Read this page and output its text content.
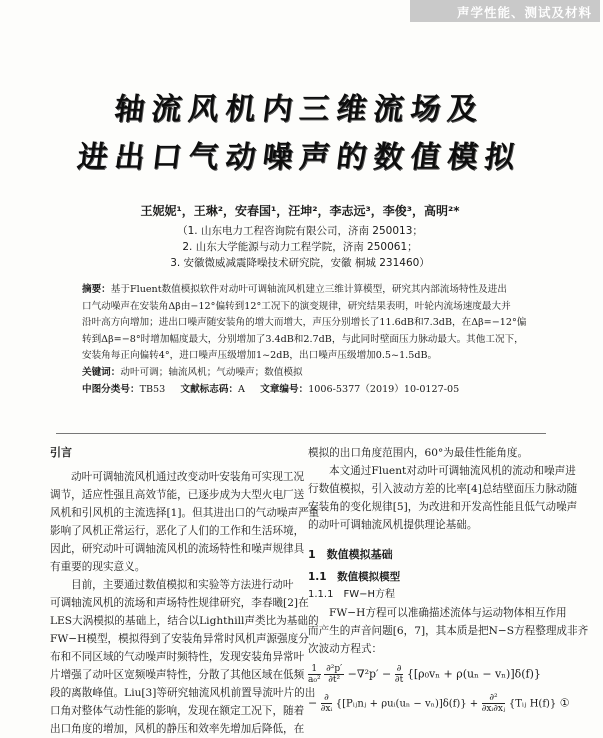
声学性能、测试及材料
轴流风机内三维流场及
进出口气动噪声的数值模拟
王妮妮¹，王琳²，安春国¹，汪坤²，李志远³，李俊³，高明²*
（1. 山东电力工程咨询院有限公司，济南 250013；
2. 山东大学能源与动力工程学院，济南 250061；
3. 安徽微威减震降噪技术研究院，安徽 桐城 231460）
摘要：基于Fluent数值模拟软件对动叶可调轴流风机建立三维计算模型，研究其内部流场特性及进出
口气动噪声在安装角Δβ由−12°偏转到12°工况下的演变规律，研究结果表明，叶轮内流场速度最大并
沿叶高方向增加；进出口噪声随安装角的增大而增大，声压分别增长了11.6dB和7.3dB，在Δβ=−12°偏
转到Δβ=−8°时增加幅度最大，分别增加了3.4dB和2.7dB，与此同时壁面压力脉动最大。其他工况下，
安装角每正向偏转4°，进口噪声压级增加1~2dB，出口噪声压级增加0.5~1.5dB。
关键词：动叶可调；轴流风机；气动噪声；数值模拟
中图分类号：TB53 文献标志码：A 文章编号：1006-5377（2019）10-0127-05
引言
动叶可调轴流风机通过改变动叶安装角可实现工况
调节，适应性强且高效节能，已逐步成为大型火电厂送
风机和引风机的主流选择[1]。但其进出口的气动噪声严重
影响了风机正常运行，恶化了人们的工作和生活环境，
因此，研究动叶可调轴流风机的流场特性和噪声规律具
有重要的现实意义。
目前，主要通过数值模拟和实验等方法进行动叶
可调轴流风机的流场和声场特性规律研究，李春曦[2]在
LES大涡模拟的基础上，结合以Lighthill声类比为基础的
FW−H模型，模拟得到了安装角异常时风机声源强度分
布和不同区域的气动噪声时频特性，发现安装角异常叶
片增强了动叶区宽频噪声特性，分散了其他区域在低频
段的离散峰值。Liu[3]等研究轴流风机前置导流叶片的出
口角对整体气动性能的影响，发现在额定工况下，随着
出口角度的增加，风机的静压和效率先增加后降低，在
模拟的出口角度范围内，60°为最佳性能角度。
本文通过Fluent对动叶可调轴流风机的流动和噪声进
行数值模拟，引入波动方差的比率[4]总结壁面压力脉动随
安装角的变化规律[5]，为改进和开发高性能且低气动噪声
的动叶可调轴流风机提供理论基础。
1　数值模拟基础
1.1　数值模拟模型
1.1.1　FW−H方程
FW−H方程可以准确描述流体与运动物体相互作用
而产生的声音问题[6，7]，其本质是把N−S方程整理成非齐
次波动方程式：
$\frac{1}{\text{a₀²}}$
$\frac{\text{∂²p′}}{\text{∂t²}} -\nabla^2p' - \frac{\partial}{\partial t} \{[\rho_0v_n + \rho(u_n - v_n)]\delta(f)\}$
− $\frac{\partial}{\text{∂xᵢ}}$ {[Pᵢⱼnⱼ + ρuᵢ(uₙ − $v_n)]\delta(f)\} + \frac{\text{∂²}}{\text{∂xᵢ∂xⱼ}}$ {Tᵢⱼ H(f)} ①
